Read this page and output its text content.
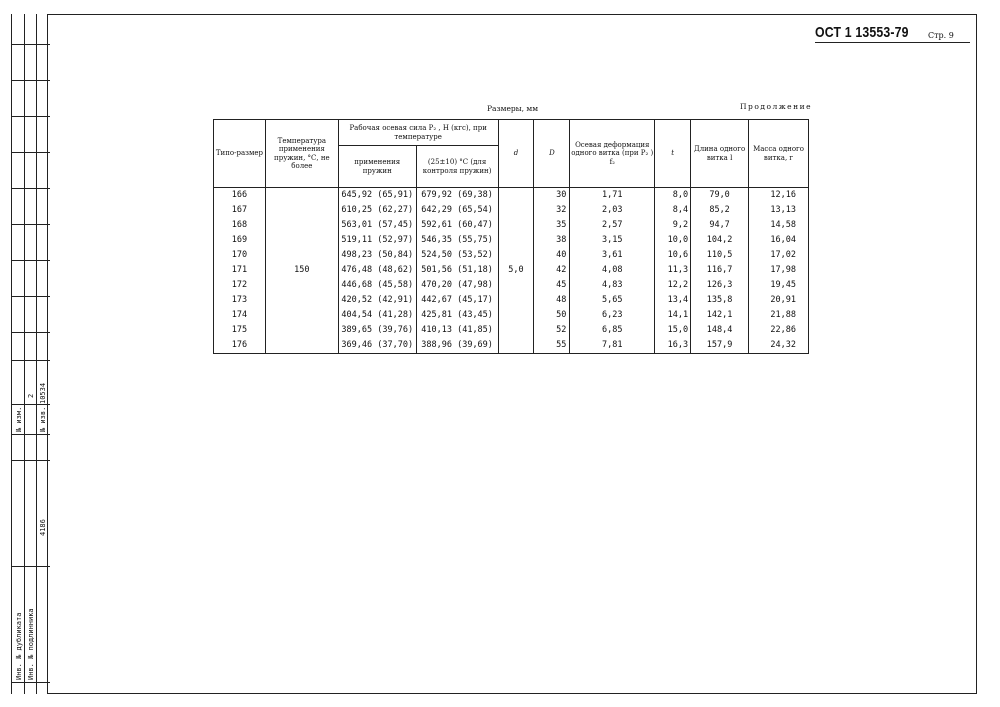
№ изм.
2
№ изв.
10534
4186
Инв. № дубликата Инв. № подлинника
ОСТ 1 13553-79 Стр. 9
Размеры, мм	Продолжение
Типо-размер	Температура применения пружин, °С, не более	Рабочая осевая сила P₂ , Н (кгс), при температуре		d	D	Осевая деформация одного витка (при P₂ ) f₂	t	Длина одного витка l	Масса одного витка, г
		применения пружин	(25±10) °С (для контроля пружин)						
166		645,92 (65,91)	679,92 (69,38)		30	1,71	8,0	79,0	12,16
167		610,25 (62,27)	642,29 (65,54)		32	2,03	8,4	85,2	13,13
168		563,01 (57,45)	592,61 (60,47)		35	2,57	9,2	94,7	14,58
169		519,11 (52,97)	546,35 (55,75)		38	3,15	10,0	104,2	16,04
170		498,23 (50,84)	524,50 (53,52)		40	3,61	10,6	110,5	17,02
171	150	476,48 (48,62)	501,56 (51,18)	5,0	42	4,08	11,3	116,7	17,98
172		446,68 (45,58)	470,20 (47,98)		45	4,83	12,2	126,3	19,45
173		420,52 (42,91)	442,67 (45,17)		48	5,65	13,4	135,8	20,91
174		404,54 (41,28)	425,81 (43,45)		50	6,23	14,1	142,1	21,88
175		389,65 (39,76)	410,13 (41,85)		52	6,85	15,0	148,4	22,86
176		369,46 (37,70)	388,96 (39,69)		55	7,81	16,3	157,9	24,32
